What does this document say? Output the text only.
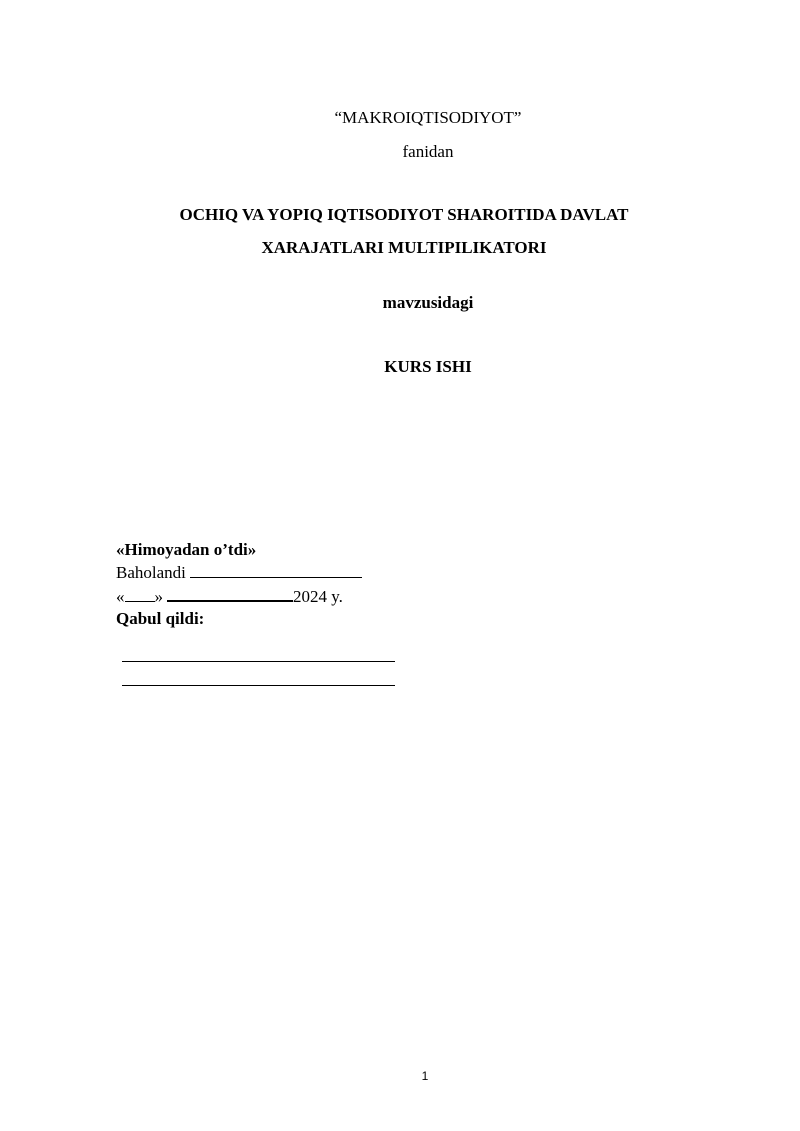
“MAKROIQTISODIYOT”
fanidan
OCHIQ VA YOPIQ IQTISODIYOT SHAROITIDA DAVLAT
XARAJATLARI MULTIPILIKATORI
mavzusidagi
KURS ISHI
«Himoyadan o’tdi»
Baholandi
« »	2024 y.
Qabul qildi:
1
